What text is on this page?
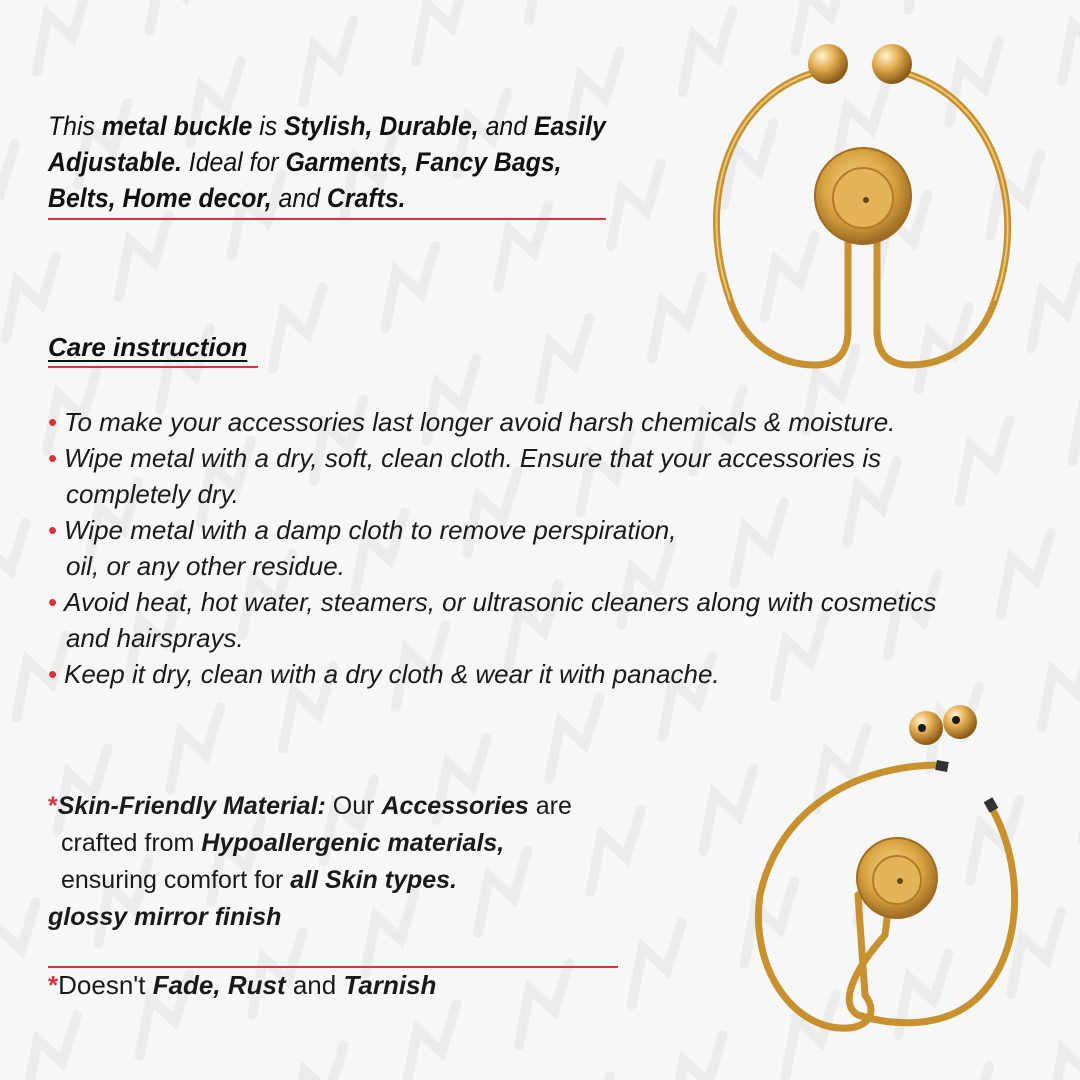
This metal buckle is Stylish, Durable, and Easily Adjustable. Ideal for Garments, Fancy Bags, Belts, Home decor, and Crafts.
Care instruction
• To make your accessories last longer avoid harsh chemicals & moisture.
• Wipe metal with a dry, soft, clean cloth. Ensure that your accessories is
completely dry.
• Wipe metal with a damp cloth to remove perspiration,
oil, or any other residue.
• Avoid heat, hot water, steamers, or ultrasonic cleaners along with cosmetics
and hairsprays.
• Keep it dry, clean with a dry cloth & wear it with panache.
*Skin-Friendly Material: Our Accessories are
crafted from Hypoallergenic materials,
ensuring comfort for all Skin types.
glossy mirror finish
*Doesn't Fade, Rust and Tarnish
